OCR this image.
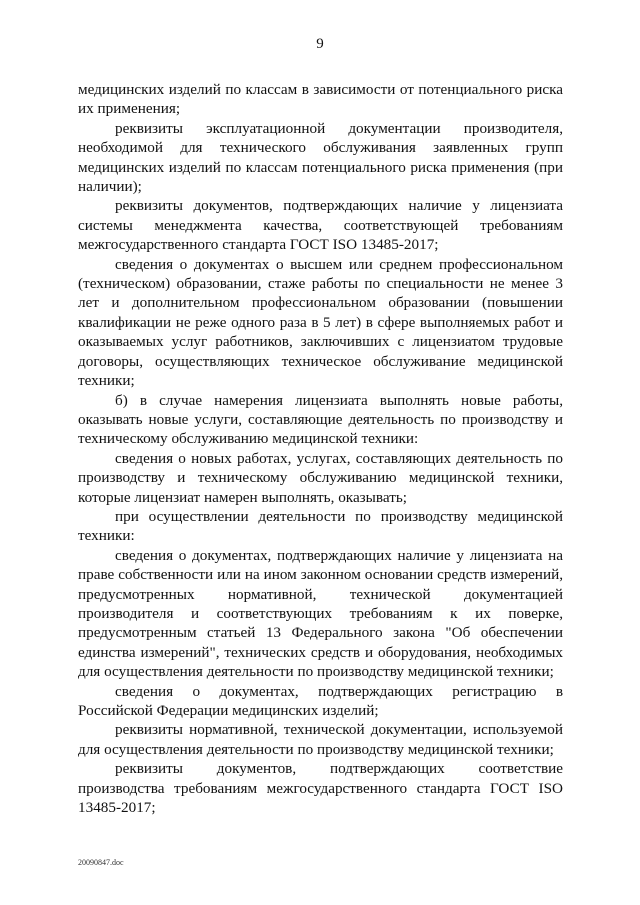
9

медицинских изделий по классам в зависимости от потенциального риска их применения;

реквизиты эксплуатационной документации производителя, необходимой для технического обслуживания заявленных групп медицинских изделий по классам потенциального риска применения (при наличии);

реквизиты документов, подтверждающих наличие у лицензиата системы менеджмента качества, соответствующей требованиям межгосударственного стандарта ГОСТ ISO 13485-2017;

сведения о документах о высшем или среднем профессиональном (техническом) образовании, стаже работы по специальности не менее 3 лет и дополнительном профессиональном образовании (повышении квалификации не реже одного раза в 5 лет) в сфере выполняемых работ и оказываемых услуг работников, заключивших с лицензиатом трудовые договоры, осуществляющих техническое обслуживание медицинской техники;

б) в случае намерения лицензиата выполнять новые работы, оказывать новые услуги, составляющие деятельность по производству и техническому обслуживанию медицинской техники:

сведения о новых работах, услугах, составляющих деятельность по производству и техническому обслуживанию медицинской техники, которые лицензиат намерен выполнять, оказывать;

при осуществлении деятельности по производству медицинской техники:

сведения о документах, подтверждающих наличие у лицензиата на праве собственности или на ином законном основании средств измерений, предусмотренных нормативной, технической документацией производителя и соответствующих требованиям к их поверке, предусмотренным статьей 13 Федерального закона "Об обеспечении единства измерений", технических средств и оборудования, необходимых для осуществления деятельности по производству медицинской техники;

сведения о документах, подтверждающих регистрацию в Российской Федерации медицинских изделий;

реквизиты нормативной, технической документации, используемой для осуществления деятельности по производству медицинской техники;

реквизиты документов, подтверждающих соответствие производства требованиям межгосударственного стандарта ГОСТ ISO 13485-2017;

20090847.doc
